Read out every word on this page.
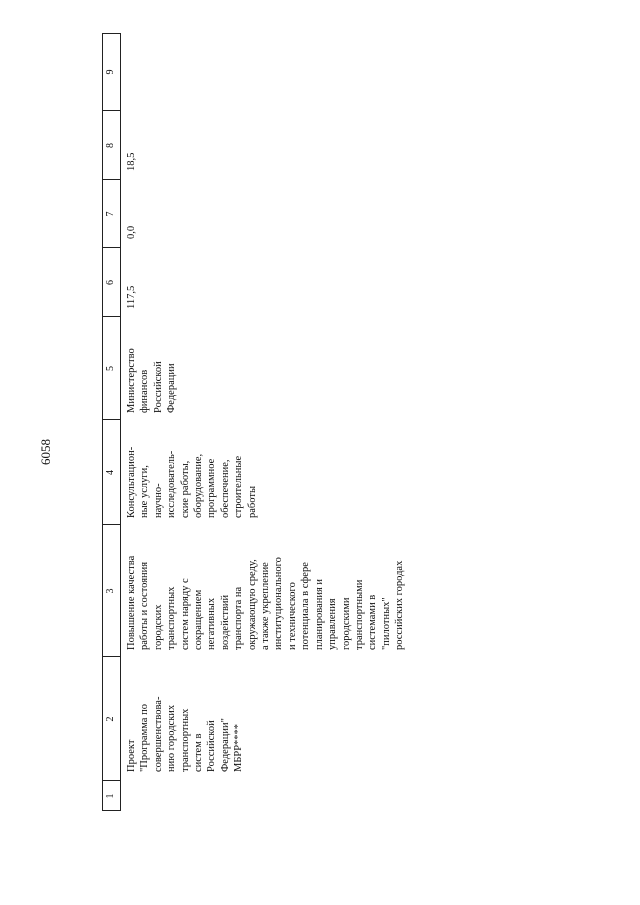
6058
1
2
3
4
5
6
7
8
9
Проект
"Программа по
совершенствова-
нию городских
транспортных
систем в
Российской
Федерации"
МБРР****
Повышение качества
работы и состояния
городских
транспортных
систем наряду с
сокращением
негативных
воздействий
транспорта на
окружающую среду,
а также укрепление
институционального
и технического
потенциала в сфере
планирования и
управления
городскими
транспортными
системами в
"пилотных"
российских городах
Консультацион-
ные услуги,
научно-
исследователь-
ские работы,
оборудование,
программное
обеспечение,
строительные
работы
Министерство
финансов
Российской
Федерации
117,5
0,0
18,5
